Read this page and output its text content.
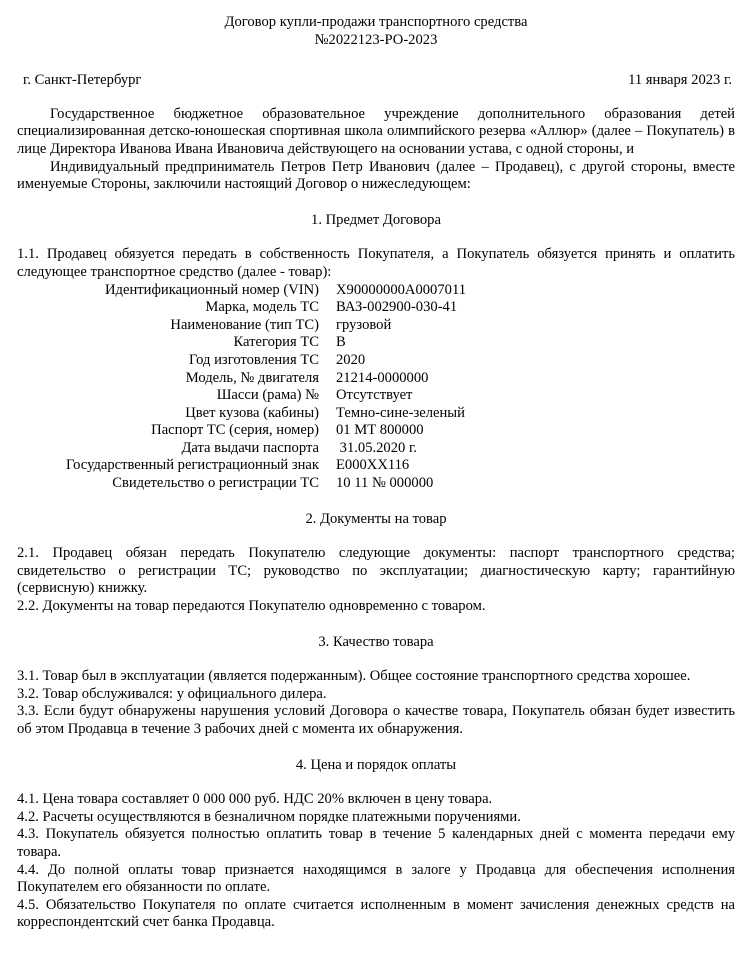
Договор купли-продажи транспортного средства
№2022123-РО-2023
г. Санкт-Петербург	11 января 2023 г.

Государственное бюджетное образовательное учреждение дополнительного образования детей специализированная детско-юношеская спортивная школа олимпийского резерва «Аллюр» (далее – Покупатель) в лице Директора Иванова Ивана Ивановича действующего на основании устава, с одной стороны, и

Индивидуальный предприниматель Петров Петр Иванович (далее – Продавец), с другой стороны, вместе именуемые Стороны, заключили настоящий Договор о нижеследующем:

1. Предмет Договора

1.1. Продавец обязуется передать в собственность Покупателя, а Покупатель обязуется принять и оплатить следующее транспортное средство (далее - товар):

Идентификационный номер (VIN) X90000000A0007011
Марка, модель ТС ВАЗ-002900-030-41
Наименование (тип ТС) грузовой
Категория ТС B
Год изготовления ТС 2020
Модель, № двигателя 21214-0000000
Шасси (рама) № Отсутствует
Цвет кузова (кабины) Темно-сине-зеленый
Паспорт ТС (серия, номер) 01 МТ 800000
Дата выдачи паспорта 31.05.2020 г.
Государственный регистрационный знак Е000ХХ116
Свидетельство о регистрации ТС 10 11 № 000000
2. Документы на товар

2.1. Продавец обязан передать Покупателю следующие документы: паспорт транспортного средства; свидетельство о регистрации ТС; руководство по эксплуатации; диагностическую карту; гарантийную (сервисную) книжку.

2.2. Документы на товар передаются Покупателю одновременно с товаром.

3. Качество товара

3.1. Товар был в эксплуатации (является подержанным). Общее состояние транспортного средства хорошее.

3.2. Товар обслуживался: у официального дилера.

3.3. Если будут обнаружены нарушения условий Договора о качестве товара, Покупатель обязан будет известить об этом Продавца в течение 3 рабочих дней с момента их обнаружения.

4. Цена и порядок оплаты

4.1. Цена товара составляет 0 000 000 руб. НДС 20% включен в цену товара.

4.2. Расчеты осуществляются в безналичном порядке платежными поручениями.

4.3. Покупатель обязуется полностью оплатить товар в течение 5 календарных дней с момента передачи ему товара.

4.4. До полной оплаты товар признается находящимся в залоге у Продавца для обеспечения исполнения Покупателем его обязанности по оплате.

4.5. Обязательство Покупателя по оплате считается исполненным в момент зачисления денежных средств на корреспондентский счет банка Продавца.
